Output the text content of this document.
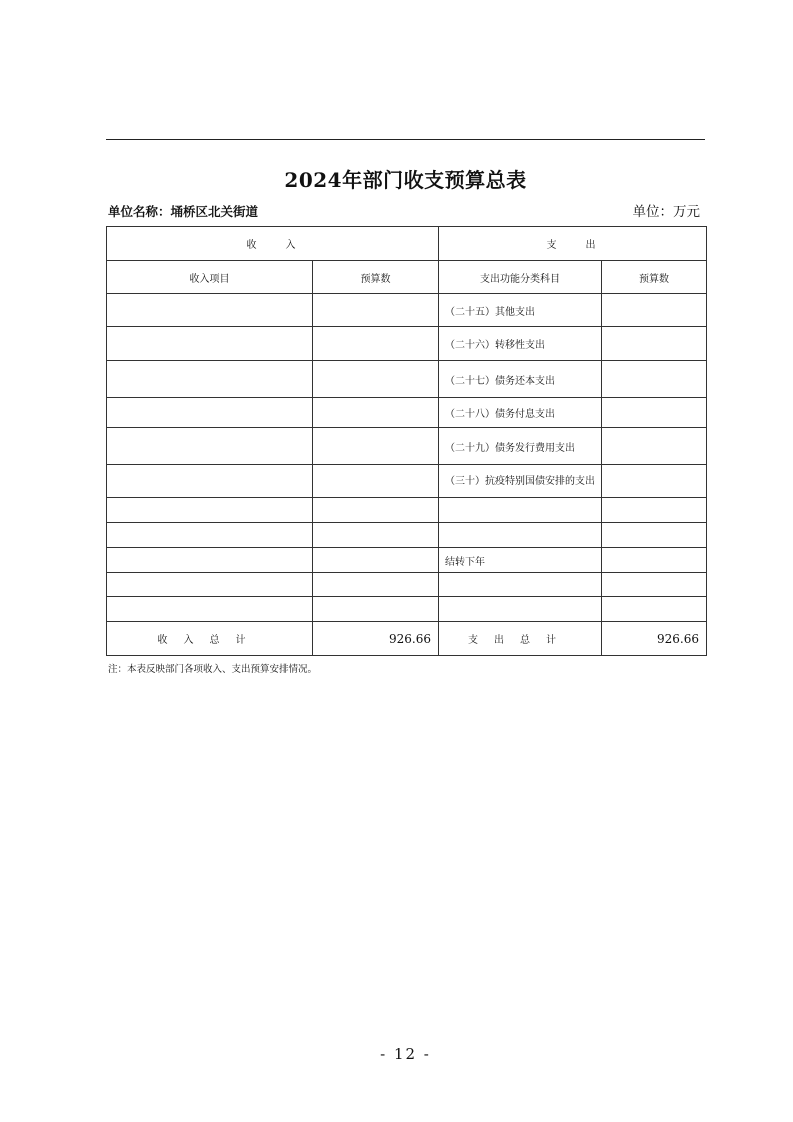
2024年部门收支预算总表
单位名称：埇桥区北关街道	单位：万元
收　　入		支　　出	
收入项目	预算数	支出功能分类科目	预算数
		（二十五）其他支出	
		（二十六）转移性支出	
		（二十七）债务还本支出	
		（二十八）债务付息支出	
		（二十九）债务发行费用支出	
		（三十）抗疫特别国债安排的支出	

		结转下年	

收入总计	926.66	支出总计	926.66
注：本表反映部门各项收入、支出预算安排情况。
- 12 -
